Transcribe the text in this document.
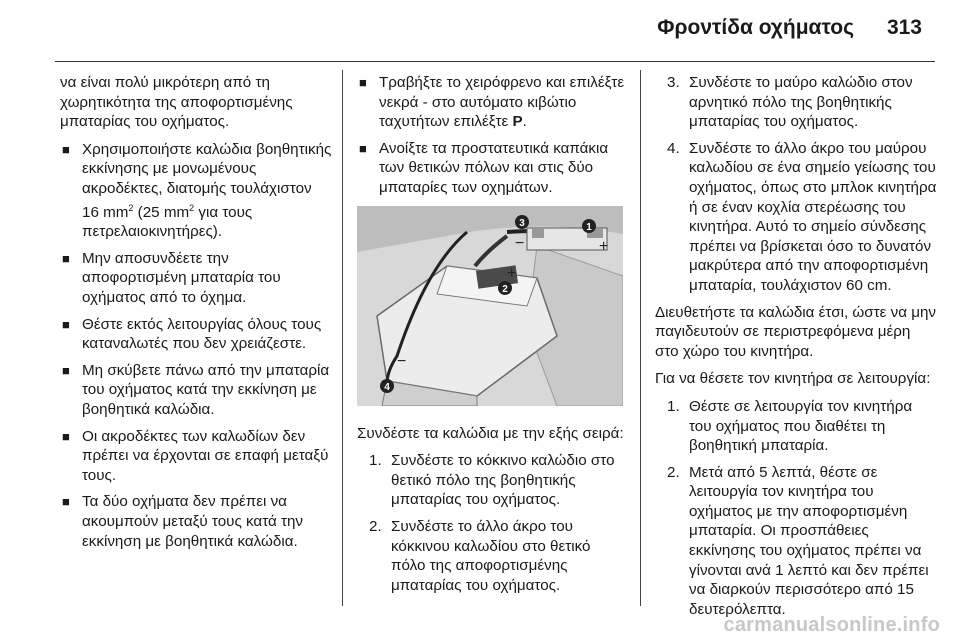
Φροντίδα οχήματος 313

να είναι πολύ μικρότερη από τη χωρητικότητα της αποφορτισμένης μπαταρίας του οχήματος.

■ Χρησιμοποιήστε καλώδια βοηθητικής εκκίνησης με μονωμένους ακροδέκτες, διατομής τουλάχιστον 16 $mm^2$ (25 $mm^2$ για τους πετρελαιοκινητήρες).
■ Μην αποσυνδέετε την αποφορτισμένη μπαταρία του οχήματος από το όχημα.
■ Θέστε εκτός λειτουργίας όλους τους καταναλωτές που δεν χρειάζεστε.
■ Μη σκύβετε πάνω από την μπαταρία του οχήματος κατά την εκκίνηση με βοηθητικά καλώδια.
■ Οι ακροδέκτες των καλωδίων δεν πρέπει να έρχονται σε επαφή μεταξύ τους.
■ Τα δύο οχήματα δεν πρέπει να ακουμπούν μεταξύ τους κατά την εκκίνηση με βοηθητικά καλώδια.
■ Τραβήξτε το χειρόφρενο και επιλέξτε νεκρά - στο αυτόματο κιβώτιο ταχυτήτων επιλέξτε P.
■ Ανοίξτε τα προστατευτικά καπάκια των θετικών πόλων και στις δύο μπαταρίες των οχημάτων.
1
2
3
4
+
+
−
−

Συνδέστε τα καλώδια με την εξής σειρά:

1. Συνδέστε το κόκκινο καλώδιο στο θετικό πόλο της βοηθητικής μπαταρίας του οχήματος.
2. Συνδέστε το άλλο άκρο του κόκκινου καλωδίου στο θετικό πόλο της αποφορτισμένης μπαταρίας του οχήματος.
3. Συνδέστε το μαύρο καλώδιο στον αρνητικό πόλο της βοηθητικής μπαταρίας του οχήματος.
4. Συνδέστε το άλλο άκρο του μαύρου καλωδίου σε ένα σημείο γείωσης του οχήματος, όπως στο μπλοκ κινητήρα ή σε έναν κοχλία στερέωσης του κινητήρα. Αυτό το σημείο σύνδεσης πρέπει να βρίσκεται όσο το δυνατόν μακρύτερα από την αποφορτισμένη μπαταρία, τουλάχιστον 60 cm.

Διευθετήστε τα καλώδια έτσι, ώστε να μην παγιδευτούν σε περιστρεφόμενα μέρη στο χώρο του κινητήρα.

Για να θέσετε τον κινητήρα σε λειτουργία:

1. Θέστε σε λειτουργία τον κινητήρα του οχήματος που διαθέτει τη βοηθητική μπαταρία.
2. Μετά από 5 λεπτά, θέστε σε λειτουργία τον κινητήρα του οχήματος με την αποφορτισμένη μπαταρία. Οι προσπάθειες εκκίνησης του οχήματος πρέπει να γίνονται ανά 1 λεπτό και δεν πρέπει να διαρκούν περισσότερο από 15 δευτερόλεπτα.
carmanualsonline.info
